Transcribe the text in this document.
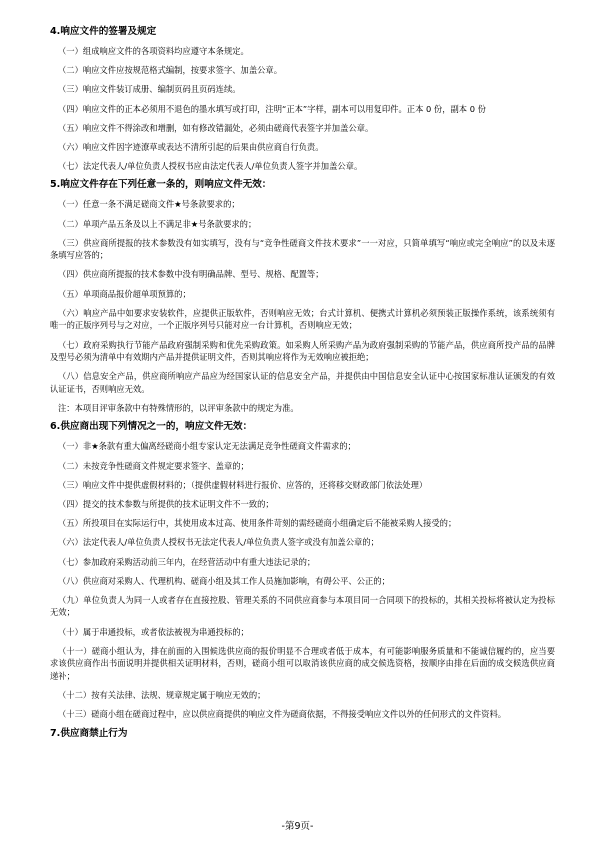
4.响应文件的签署及规定
（一）组成响应文件的各项资料均应遵守本条规定。
（二）响应文件应按规范格式编制，按要求签字、加盖公章。
（三）响应文件装订成册、编制页码且页码连续。
（四）响应文件的正本必须用不退色的墨水填写或打印，注明“正本”字样，副本可以用复印件。正本 0 份，副本 0 份
（五）响应文件不得涂改和增删，如有修改错漏处，必须由磋商代表签字并加盖公章。
（六）响应文件因字迹潦草或表达不清所引起的后果由供应商自行负责。
（七）法定代表人/单位负责人授权书应由法定代表人/单位负责人签字并加盖公章。
5.响应文件存在下列任意一条的，则响应文件无效：
（一）任意一条不满足磋商文件★号条款要求的；
（二）单项产品五条及以上不满足非★号条款要求的；
（三）供应商所提报的技术参数没有如实填写，没有与“竞争性磋商文件技术要求”一一对应，只简单填写“响应或完全响应”的以及未逐条填写应答的；
（四）供应商所提报的技术参数中没有明确品牌、型号、规格、配置等；
（五）单项商品报价超单项预算的；
（六）响应产品中如要求安装软件，应提供正版软件，否则响应无效；台式计算机、便携式计算机必须预装正版操作系统，该系统须有唯一的正版序列号与之对应，一个正版序列号只能对应一台计算机，否则响应无效；
（七）政府采购执行节能产品政府强制采购和优先采购政策。如采购人所采购产品为政府强制采购的节能产品，供应商所投产品的品牌及型号必须为清单中有效期内产品并提供证明文件，否则其响应将作为无效响应被拒绝；
（八）信息安全产品，供应商所响应产品应为经国家认证的信息安全产品，并提供由中国信息安全认证中心按国家标准认证颁发的有效认证证书，否则响应无效。
注：本项目评审条款中有特殊情形的，以评审条款中的规定为准。
6.供应商出现下列情况之一的，响应文件无效：
（一）非★条款有重大偏离经磋商小组专家认定无法满足竞争性磋商文件需求的；
（二）未按竞争性磋商文件规定要求签字、盖章的；
（三）响应文件中提供虚假材料的；（提供虚假材料进行报价、应答的，还将移交财政部门依法处理）
（四）提交的技术参数与所提供的技术证明文件不一致的；
（五）所投项目在实际运行中，其使用成本过高、使用条件苛刻的需经磋商小组确定后不能被采购人接受的；
（六）法定代表人/单位负责人授权书无法定代表人/单位负责人签字或没有加盖公章的；
（七）参加政府采购活动前三年内，在经营活动中有重大违法记录的；
（八）供应商对采购人、代理机构、磋商小组及其工作人员施加影响，有碍公平、公正的；
（九）单位负责人为同一人或者存在直接控股、管理关系的不同供应商参与本项目同一合同项下的投标的，其相关投标将被认定为投标无效；
（十）属于串通投标，或者依法被视为串通投标的；
（十一）磋商小组认为，排在前面的入围候选供应商的报价明显不合理或者低于成本，有可能影响服务质量和不能诚信履约的，应当要求该供应商作出书面说明并提供相关证明材料，否则，磋商小组可以取消该供应商的成交候选资格，按顺序由排在后面的成交候选供应商递补；
（十二）按有关法律、法规、规章规定属于响应无效的；
（十三）磋商小组在磋商过程中，应以供应商提供的响应文件为磋商依据，不得接受响应文件以外的任何形式的文件资料。
7.供应商禁止行为
-第9页-
